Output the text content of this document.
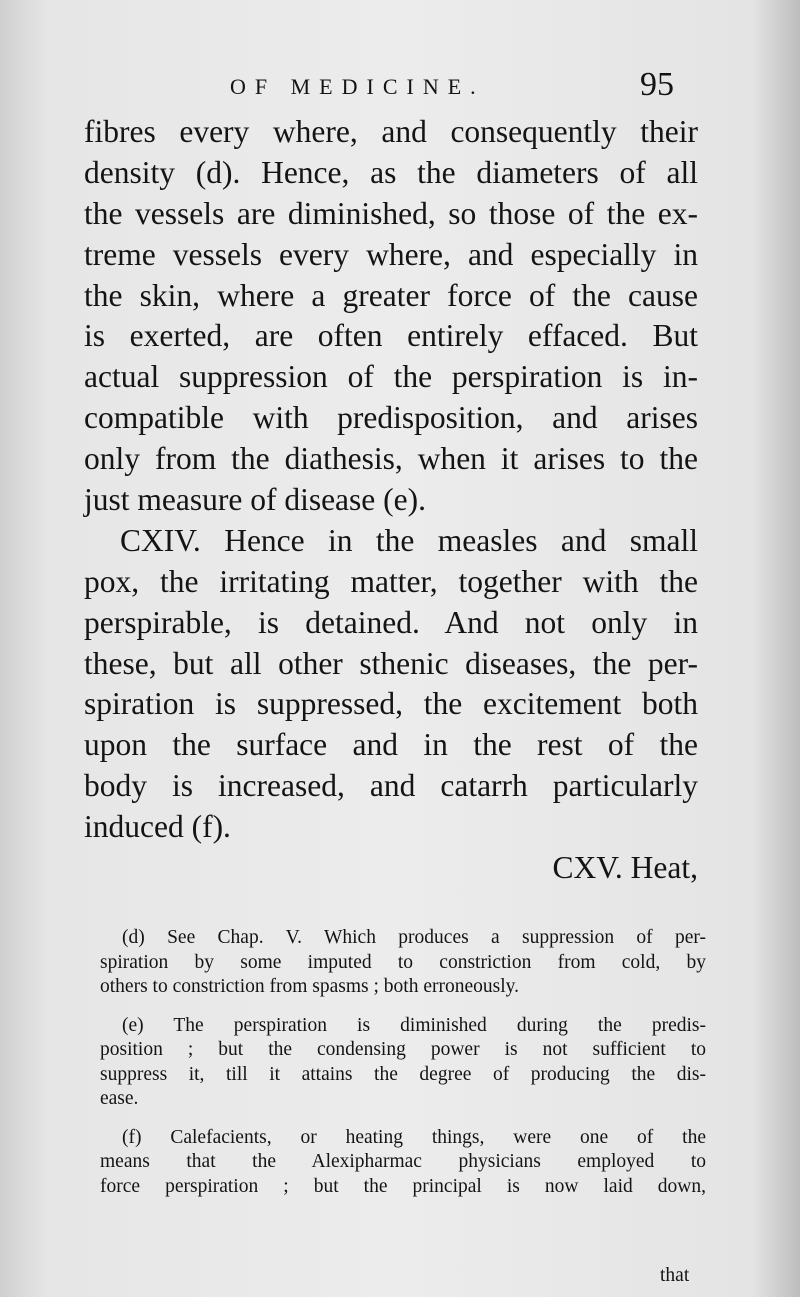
OF MEDICINE.	95
fibres every where, and consequently their
density (d). Hence, as the diameters of all
the vessels are diminished, so those of the ex-
treme vessels every where, and especially in
the skin, where a greater force of the cause
is exerted, are often entirely effaced. But
actual suppression of the perspiration is in-
compatible with predisposition, and arises
only from the diathesis, when it arises to the
just measure of disease (e).
CXIV. Hence in the measles and small
pox, the irritating matter, together with the
perspirable, is detained. And not only in
these, but all other sthenic diseases, the per-
spiration is suppressed, the excitement both
upon the surface and in the rest of the
body is increased, and catarrh particularly
induced (f).
CXV. Heat,
(d) See Chap. V. Which produces a suppression of per-
spiration by some imputed to constriction from cold, by
others to constriction from spasms ; both erroneously.
(e) The perspiration is diminished during the predis-
position ; but the condensing power is not sufficient to
suppress it, till it attains the degree of producing the dis-
ease.
(f) Calefacients, or heating things, were one of the
means that the Alexipharmac physicians employed to
force perspiration ; but the principal is now laid down,
that
